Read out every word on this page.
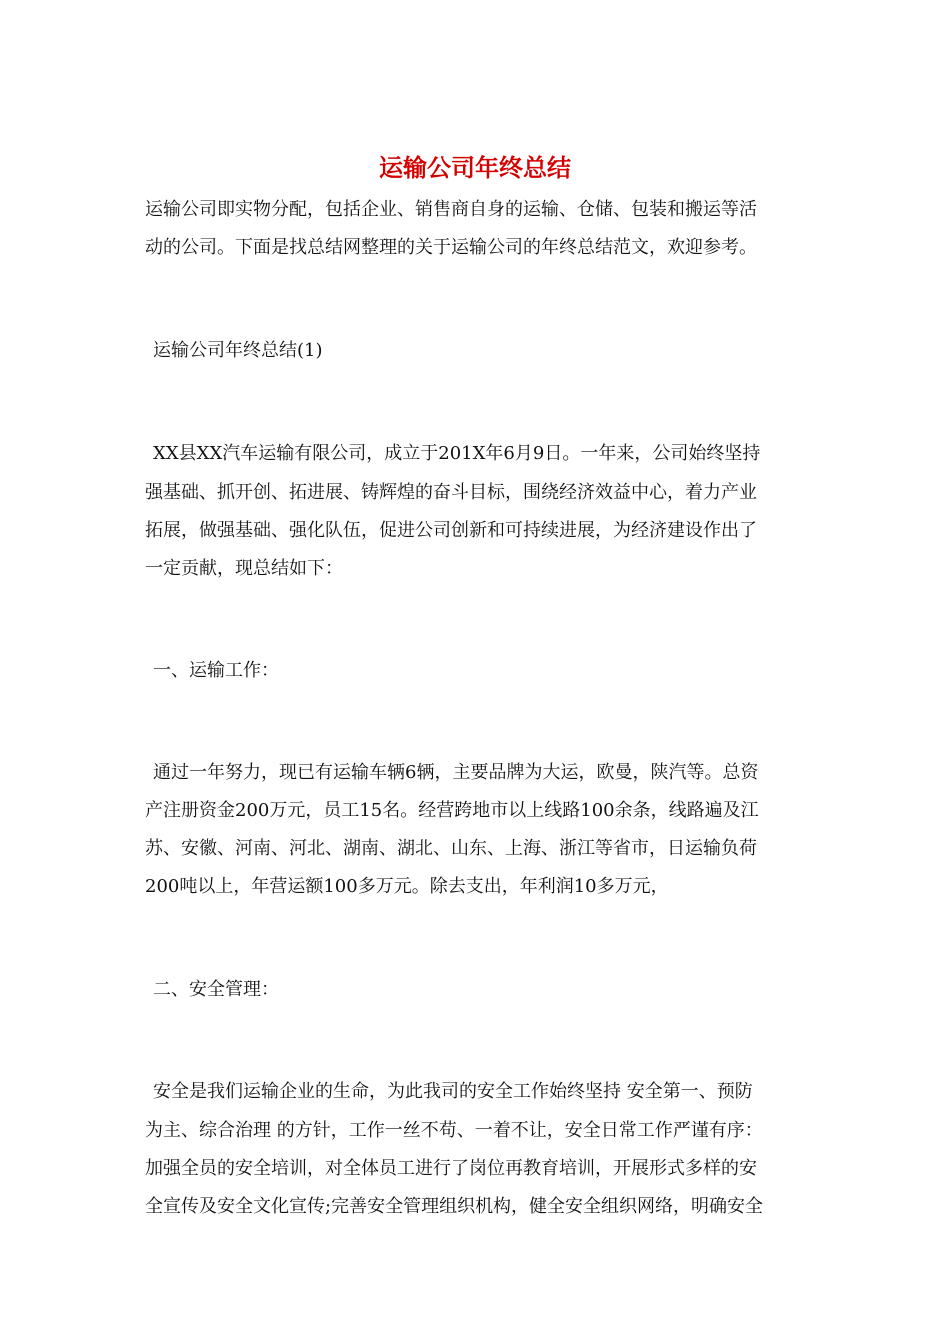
运输公司年终总结
运输公司即实物分配，包括企业、销售商自身的运输、仓储、包装和搬运等活
动的公司。下面是找总结网整理的关于运输公司的年终总结范文，欢迎参考。
运输公司年终总结(1)
XX县XX汽车运输有限公司，成立于201X年6月9日。一年来，公司始终坚持
强基础、抓开创、拓进展、铸辉煌的奋斗目标，围绕经济效益中心，着力产业
拓展，做强基础、强化队伍，促进公司创新和可持续进展，为经济建设作出了
一定贡献，现总结如下：
一、运输工作：
通过一年努力，现已有运输车辆6辆，主要品牌为大运，欧曼，陕汽等。总资
产注册资金200万元，员工15名。经营跨地市以上线路100余条，线路遍及江
苏、安徽、河南、河北、湖南、湖北、山东、上海、浙江等省市，日运输负荷
200吨以上，年营运额100多万元。除去支出，年利润10多万元，
二、安全管理：
安全是我们运输企业的生命，为此我司的安全工作始终坚持 安全第一、预防
为主、综合治理 的方针，工作一丝不苟、一着不让，安全日常工作严谨有序：
加强全员的安全培训，对全体员工进行了岗位再教育培训，开展形式多样的安
全宣传及安全文化宣传;完善安全管理组织机构，健全安全组织网络，明确安全
